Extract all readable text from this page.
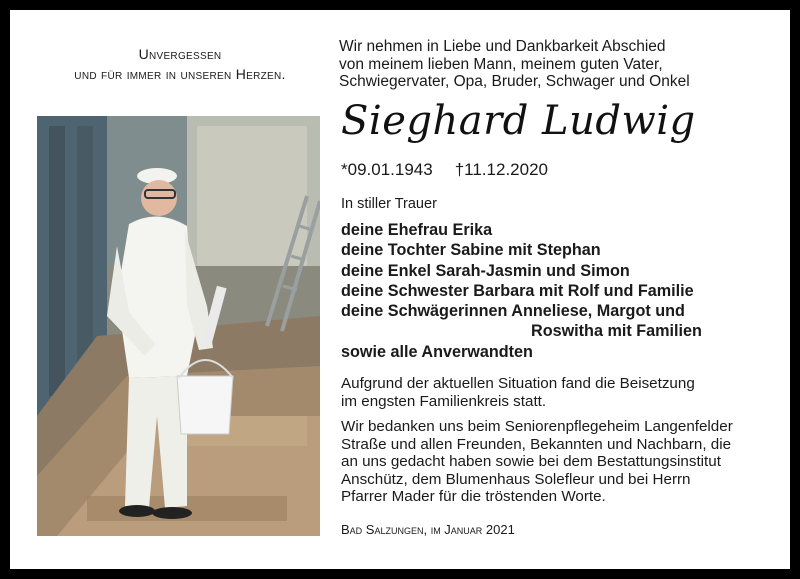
Unvergessen
und für immer in unseren Herzen.
Wir nehmen in Liebe und Dankbarkeit Abschied
von meinem lieben Mann, meinem guten Vater,
Schwiegervater, Opa, Bruder, Schwager und Onkel
Sieghard Ludwig
*09.01.1943 †11.12.2020
In stiller Trauer
deine Ehefrau Erika
deine Tochter Sabine mit Stephan
deine Enkel Sarah-Jasmin und Simon
deine Schwester Barbara mit Rolf und Familie
deine Schwägerinnen Anneliese, Margot und
Roswitha mit Familien
sowie alle Anverwandten
Aufgrund der aktuellen Situation fand die Beisetzung
im engsten Familienkreis statt.
Wir bedanken uns beim Seniorenpflegeheim Langenfelder
Straße und allen Freunden, Bekannten und Nachbarn, die
an uns gedacht haben sowie bei dem Bestattungsinstitut
Anschütz, dem Blumenhaus Solefleur und bei Herrn
Pfarrer Mader für die tröstenden Worte.
Bad Salzungen, im Januar 2021
